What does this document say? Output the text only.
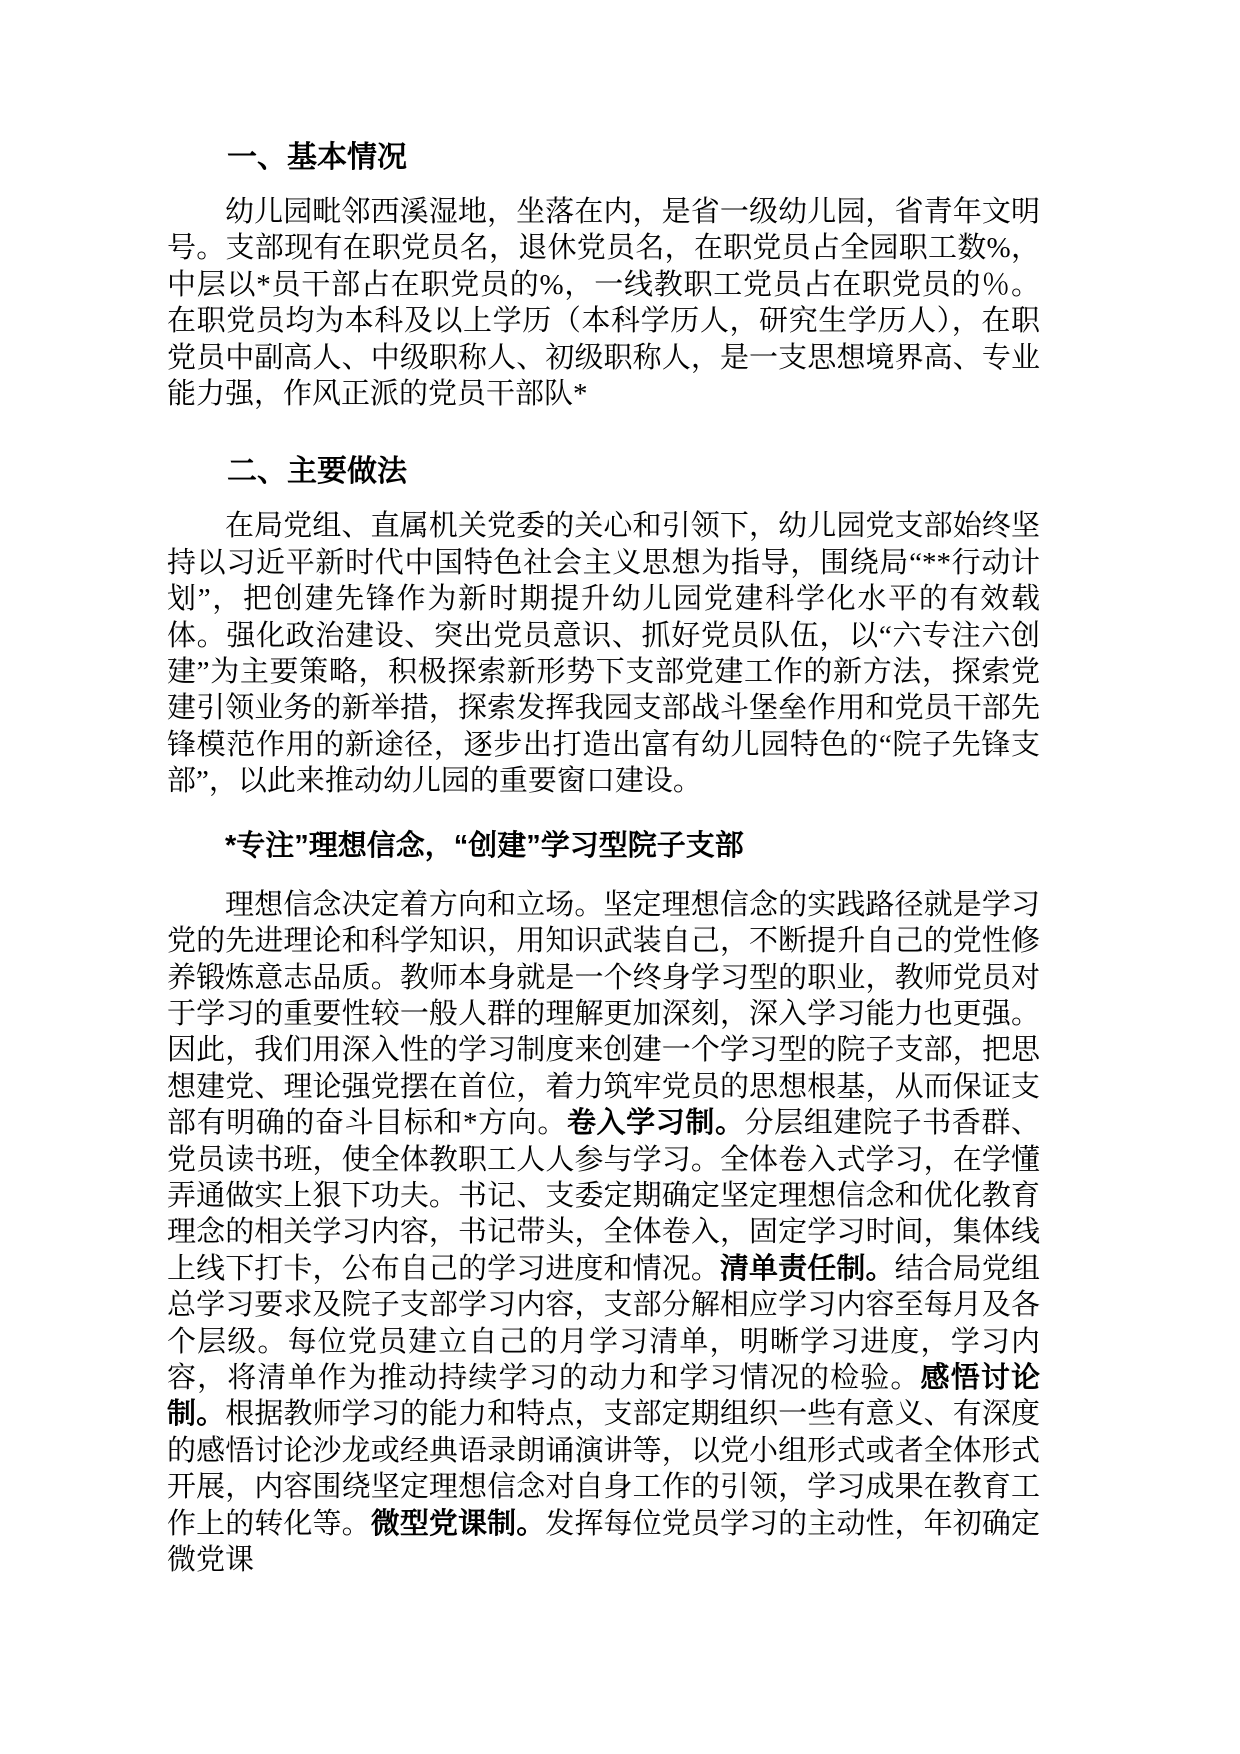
一、基本情况

幼儿园毗邻西溪湿地，坐落在内，是省一级幼儿园，省青年文明号。支部现有在职党员名，退休党员名，在职党员占全园职工数%，中层以*员干部占在职党员的%，一线教职工党员占在职党员的％。在职党员均为本科及以上学历（本科学历人，研究生学历人），在职党员中副高人、中级职称人、初级职称人，是一支思想境界高、专业能力强，作风正派的党员干部队*

二、主要做法

在局党组、直属机关党委的关心和引领下，幼儿园党支部始终坚持以习近平新时代中国特色社会主义思想为指导，围绕局“**行动计划”，把创建先锋作为新时期提升幼儿园党建科学化水平的有效载体。强化政治建设、突出党员意识、抓好党员队伍，以“六专注六创建”为主要策略，积极探索新形势下支部党建工作的新方法，探索党建引领业务的新举措，探索发挥我园支部战斗堡垒作用和党员干部先锋模范作用的新途径，逐步出打造出富有幼儿园特色的“院子先锋支部”，以此来推动幼儿园的重要窗口建设。

*专注”理想信念，“创建”学习型院子支部

理想信念决定着方向和立场。坚定理想信念的实践路径就是学习党的先进理论和科学知识，用知识武装自己，不断提升自己的党性修养锻炼意志品质。教师本身就是一个终身学习型的职业，教师党员对于学习的重要性较一般人群的理解更加深刻，深入学习能力也更强。因此，我们用深入性的学习制度来创建一个学习型的院子支部，把思想建党、理论强党摆在首位，着力筑牢党员的思想根基，从而保证支部有明确的奋斗目标和*方向。卷入学习制。分层组建院子书香群、党员读书班，使全体教职工人人参与学习。全体卷入式学习，在学懂弄通做实上狠下功夫。书记、支委定期确定坚定理想信念和优化教育理念的相关学习内容，书记带头，全体卷入，固定学习时间，集体线上线下打卡，公布自己的学习进度和情况。清单责任制。结合局党组总学习要求及院子支部学习内容，支部分解相应学习内容至每月及各个层级。每位党员建立自己的月学习清单，明晰学习进度，学习内容，将清单作为推动持续学习的动力和学习情况的检验。感悟讨论制。根据教师学习的能力和特点，支部定期组织一些有意义、有深度的感悟讨论沙龙或经典语录朗诵演讲等，以党小组形式或者全体形式开展，内容围绕坚定理想信念对自身工作的引领，学习成果在教育工作上的转化等。微型党课制。发挥每位党员学习的主动性，年初确定微党课
